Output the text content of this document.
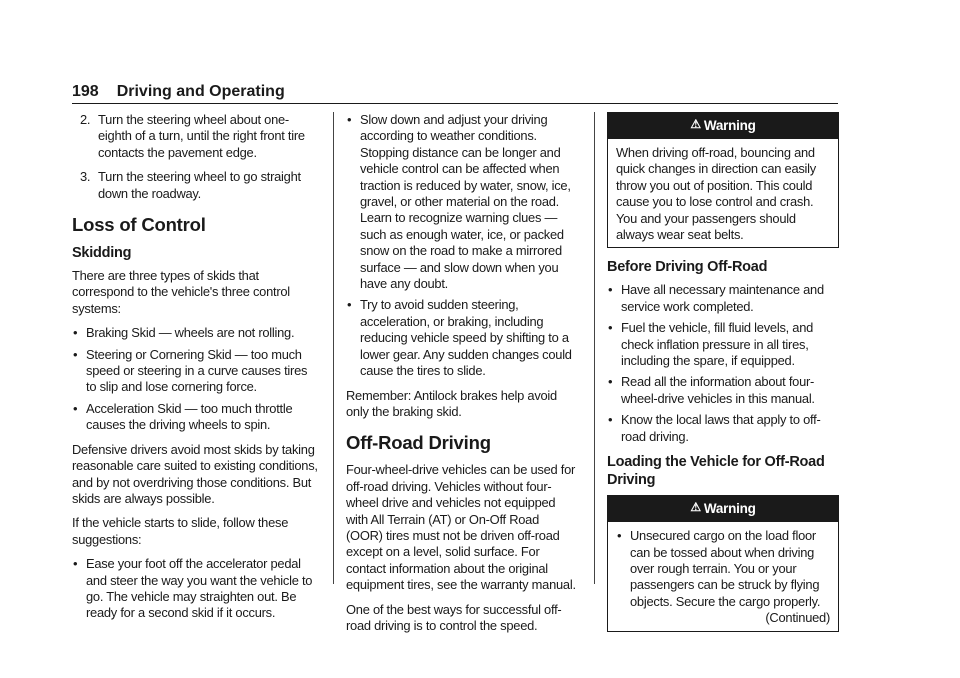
198 Driving and Operating
2. Turn the steering wheel about one-eighth of a turn, until the right front tire contacts the pavement edge.
3. Turn the steering wheel to go straight down the roadway.
Loss of Control
Skidding

There are three types of skids that correspond to the vehicle's three control systems:

• Braking Skid — wheels are not rolling.
• Steering or Cornering Skid — too much speed or steering in a curve causes tires to slip and lose cornering force.
• Acceleration Skid — too much throttle causes the driving wheels to spin.

Defensive drivers avoid most skids by taking reasonable care suited to existing conditions, and by not overdriving those conditions. But skids are always possible.

If the vehicle starts to slide, follow these suggestions:

• Ease your foot off the accelerator pedal and steer the way you want the vehicle to go. The vehicle may straighten out. Be ready for a second skid if it occurs.
• Slow down and adjust your driving according to weather conditions. Stopping distance can be longer and vehicle control can be affected when traction is reduced by water, snow, ice, gravel, or other material on the road. Learn to recognize warning clues — such as enough water, ice, or packed snow on the road to make a mirrored surface — and slow down when you have any doubt.
• Try to avoid sudden steering, acceleration, or braking, including reducing vehicle speed by shifting to a lower gear. Any sudden changes could cause the tires to slide.

Remember: Antilock brakes help avoid only the braking skid.

Off-Road Driving

Four-wheel-drive vehicles can be used for off-road driving. Vehicles without four-wheel drive and vehicles not equipped with All Terrain (AT) or On-Off Road (OOR) tires must not be driven off-road except on a level, solid surface. For contact information about the original equipment tires, see the warranty manual.

One of the best ways for successful off-road driving is to control the speed.

⚠ Warning
When driving off-road, bouncing and quick changes in direction can easily throw you out of position. This could cause you to lose control and crash. You and your passengers should always wear seat belts.
Before Driving Off-Road
• Have all necessary maintenance and service work completed.
• Fuel the vehicle, fill fluid levels, and check inflation pressure in all tires, including the spare, if equipped.
• Read all the information about four-wheel-drive vehicles in this manual.
• Know the local laws that apply to off-road driving.
Loading the Vehicle for Off-Road Driving
⚠ Warning
• Unsecured cargo on the load floor can be tossed about when driving over rough terrain. You or your passengers can be struck by flying objects. Secure the cargo properly.
(Continued)
